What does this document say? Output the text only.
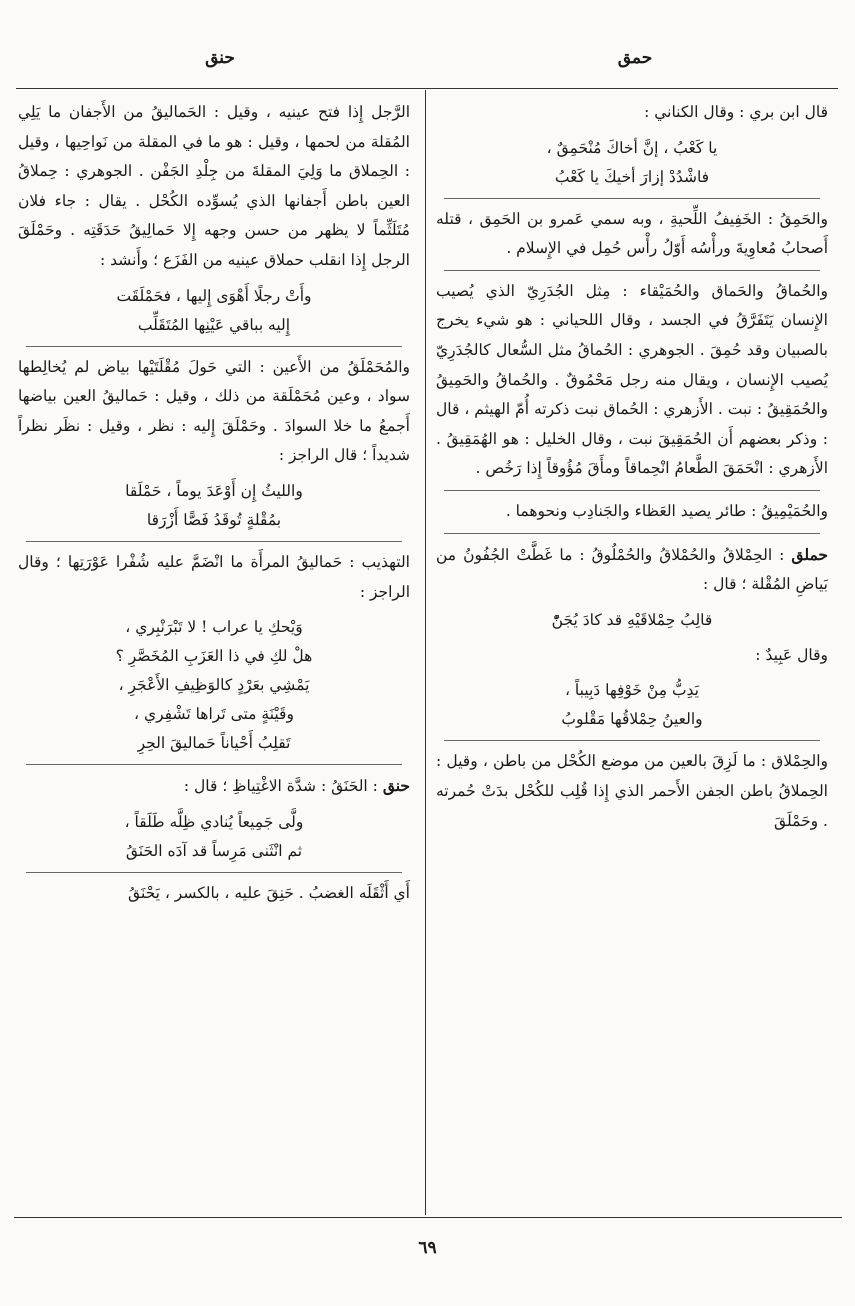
حمق
حنق

قال ابن بري : وقال الكناني :

يا كَعْبُ ، إنَّ أخاكَ مُنْحَمِقٌ ،
فاشْدُدْ إزارَ أخيكَ يا كَعْبُ

والحَمِقُ : الخَفِيفُ اللِّحيةِ ، وبه سمي عَمرو بن الحَمِق ، قتله أَصحابُ مُعاوِيةَ ورأْسُه أَوّلُ رأْس حُمِل في الإِسلام .

والحُماقُ والحَماق والحُمَيْقاء : مِثل الجُدَرِيّ الذي يُصيب الإِنسان يَتَفَرَّقُ في الجسد ، وقال اللحياني : هو شيء يخرج بالصبيان وقد حُمِقَ . الجوهري : الحُماقُ مثل السُّعال كالجُدَرِيّ يُصيب الإِنسان ، ويقال منه رجل مَحْمُوقٌ . والحُماقُ والحَمِيقُ والحُمَقِيقُ : نبت . الأَزهري : الحُماق نبت ذكرته أُمّ الهيثم ، قال : وذكر بعضهم أَن الحُمَقِيقَ نبت ، وقال الخليل : هو الهُمَقِيقُ . الأَزهري : انْحَمَقَ الطَّعامُ انْحِماقاً ومأَقَ مُؤُوقاً إِذا رَخُص .

والحُمَيْمِيقُ : طائر يصيد العَظاء والجَنادِب ونحوهما .

حملق : الحِمْلاقُ والحُمْلاقُ والحُمْلُوقُ : ما غَطَّتْ الجُفُونُ من بَياضِ المُقْلة ؛ قال :

قالِبُ حِمْلاقَيْهِ قد كادَ يُجَنّْ

وقال عَبِيدٌ :

يَدِبُّ مِنْ خَوْفِها دَبِيباً ،
والعينُ حِمْلاقُها مَقْلوبُ

والحِمْلاق : ما لَزِقَ بالعين من موضع الكُحْل من باطن ، وقيل : الحِملاقُ باطن الجفن الأَحمر الذي إِذا قُلِب للكُحْل بدَتْ حُمرته . وحَمْلَقَ

الرَّجل إِذا فتح عينيه ، وقيل : الحَماليقُ من الأَجفان ما يَلِي المُقلة من لحمها ، وقيل : هو ما في المقلة من نَواحِيها ، وقيل : الحِملاق ما وَلِيَ المقلةَ من جِلْدِ الجَفْن . الجوهري : حِملاقُ العين باطن أَجفانها الذي يُسوِّده الكُحْل . يقال : جاء فلان مُتَلَثِّماً لا يظهر من حسن وجهه إِلا حَمالِيقُ حَدَقَتِه . وحَمْلَقَ الرجل إِذا انقلب حملاق عينيه من الفَزَع ؛ وأَنشد :

وأَتْ رجلًا أَهْوَى إِليها ، فحَمْلَقَت
إِليه بباقي عَيْنِها المُتَقَلِّب

والمُحَمْلَقُ من الأَعين : التي حَولَ مُقْلَتَيْها بياض لم يُخالِطها سواد ، وعين مُحَمْلَقة من ذلك ، وقيل : حَماليقُ العين بياضها أَجمعُ ما خلا السوادَ . وحَمْلَقَ إِليه : نظر ، وقيل : نظَر نظراً شديداً ؛ قال الراجز :

والليثُ إِن أَوْعَدَ يوماً ، حَمْلَقا
بمُقْلةٍ تُوقَدُ فَصًّا أَزْرَقا

التهذيب : حَماليقُ المرأَة ما انْضَمَّ عليه شُفْرا عَوْرَتِها ؛ وقال الراجز :

وَيْحكِ يا عراب ! لا تَبْرَنْبِري ،
هلْ لكِ في ذا العَزَبِ المُخَصَّرِ ؟
يَمْشِي بعَرْدٍ كالوَظِيفِ الأَعْجَرِ ،
وقَيْنَةٍ متى تَراها تَشْفِري ،
تَقلِبُ أَحْياناً حَماليقَ الحِرِ

حنق : الحَنَقُ : شدَّة الاغْتِياظِ ؛ قال :

ولَّى جَمِيعاً يُنادي ظِلَّه طَلَقاً ،
ثم انْثَنى مَرِساً قد آدَه الحَنَقُ

أَي أَثْقَلَه الغضبُ . حَنِقَ عليه ، بالكسر ، يَحْنَقُ

٦٩
